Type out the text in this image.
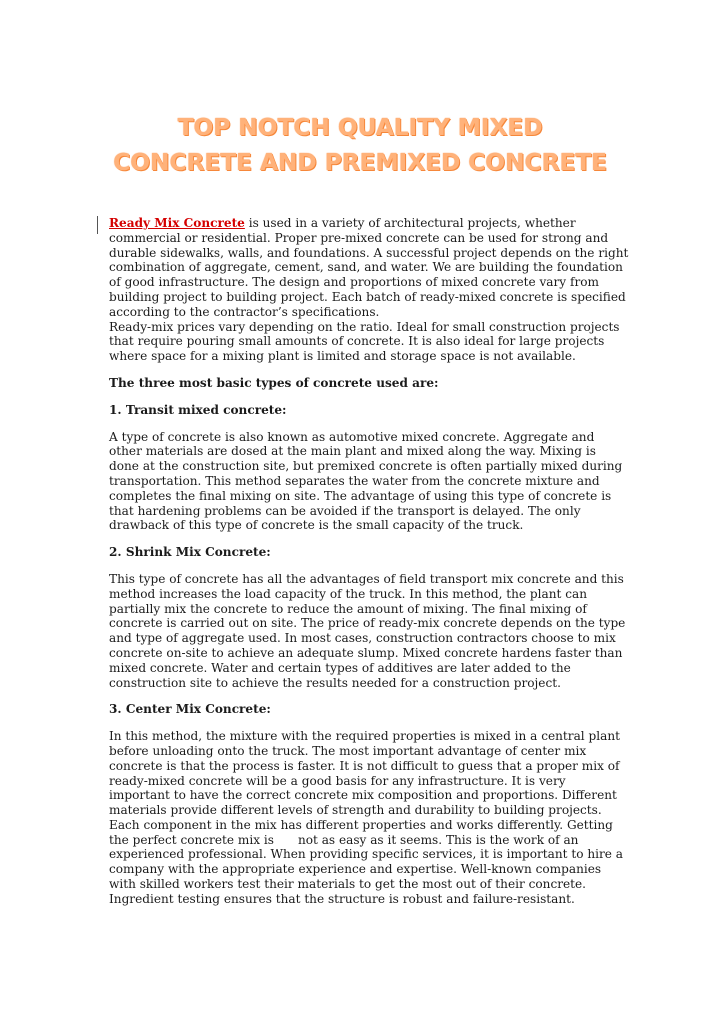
TOP NOTCH QUALITY MIXED
CONCRETE AND PREMIXED CONCRETE

Ready Mix Concrete is used in a variety of architectural projects, whether commercial or residential. Proper pre-mixed concrete can be used for strong and durable sidewalks, walls, and foundations. A successful project depends on the right combination of aggregate, cement, sand, and water. We are building the foundation of good infrastructure. The design and proportions of mixed concrete vary from building project to building project. Each batch of ready-mixed concrete is specified according to the contractor’s specifications.

Ready-mix prices vary depending on the ratio. Ideal for small construction projects that require pouring small amounts of concrete. It is also ideal for large projects where space for a mixing plant is limited and storage space is not available.

The three most basic types of concrete used are:

1. Transit mixed concrete:

A type of concrete is also known as automotive mixed concrete. Aggregate and other materials are dosed at the main plant and mixed along the way. Mixing is done at the construction site, but premixed concrete is often partially mixed during transportation. This method separates the water from the concrete mixture and completes the final mixing on site. The advantage of using this type of concrete is that hardening problems can be avoided if the transport is delayed. The only drawback of this type of concrete is the small capacity of the truck.

2. Shrink Mix Concrete:

This type of concrete has all the advantages of field transport mix concrete and this method increases the load capacity of the truck. In this method, the plant can partially mix the concrete to reduce the amount of mixing. The final mixing of concrete is carried out on site. The price of ready-mix concrete depends on the type and type of aggregate used. In most cases, construction contractors choose to mix concrete on-site to achieve an adequate slump. Mixed concrete hardens faster than mixed concrete. Water and certain types of additives are later added to the construction site to achieve the results needed for a construction project.

3. Center Mix Concrete:

In this method, the mixture with the required properties is mixed in a central plant before unloading onto the truck. The most important advantage of center mix concrete is that the process is faster. It is not difficult to guess that a proper mix of ready-mixed concrete will be a good basis for any infrastructure. It is very important to have the correct concrete mix composition and proportions. Different materials provide different levels of strength and durability to building projects. Each component in the mix has different properties and works differently. Getting the perfect concrete mix is not as easy as it seems. This is the work of an experienced professional. When providing specific services, it is important to hire a company with the appropriate experience and expertise. Well-known companies with skilled workers test their materials to get the most out of their concrete. Ingredient testing ensures that the structure is robust and failure-resistant.
